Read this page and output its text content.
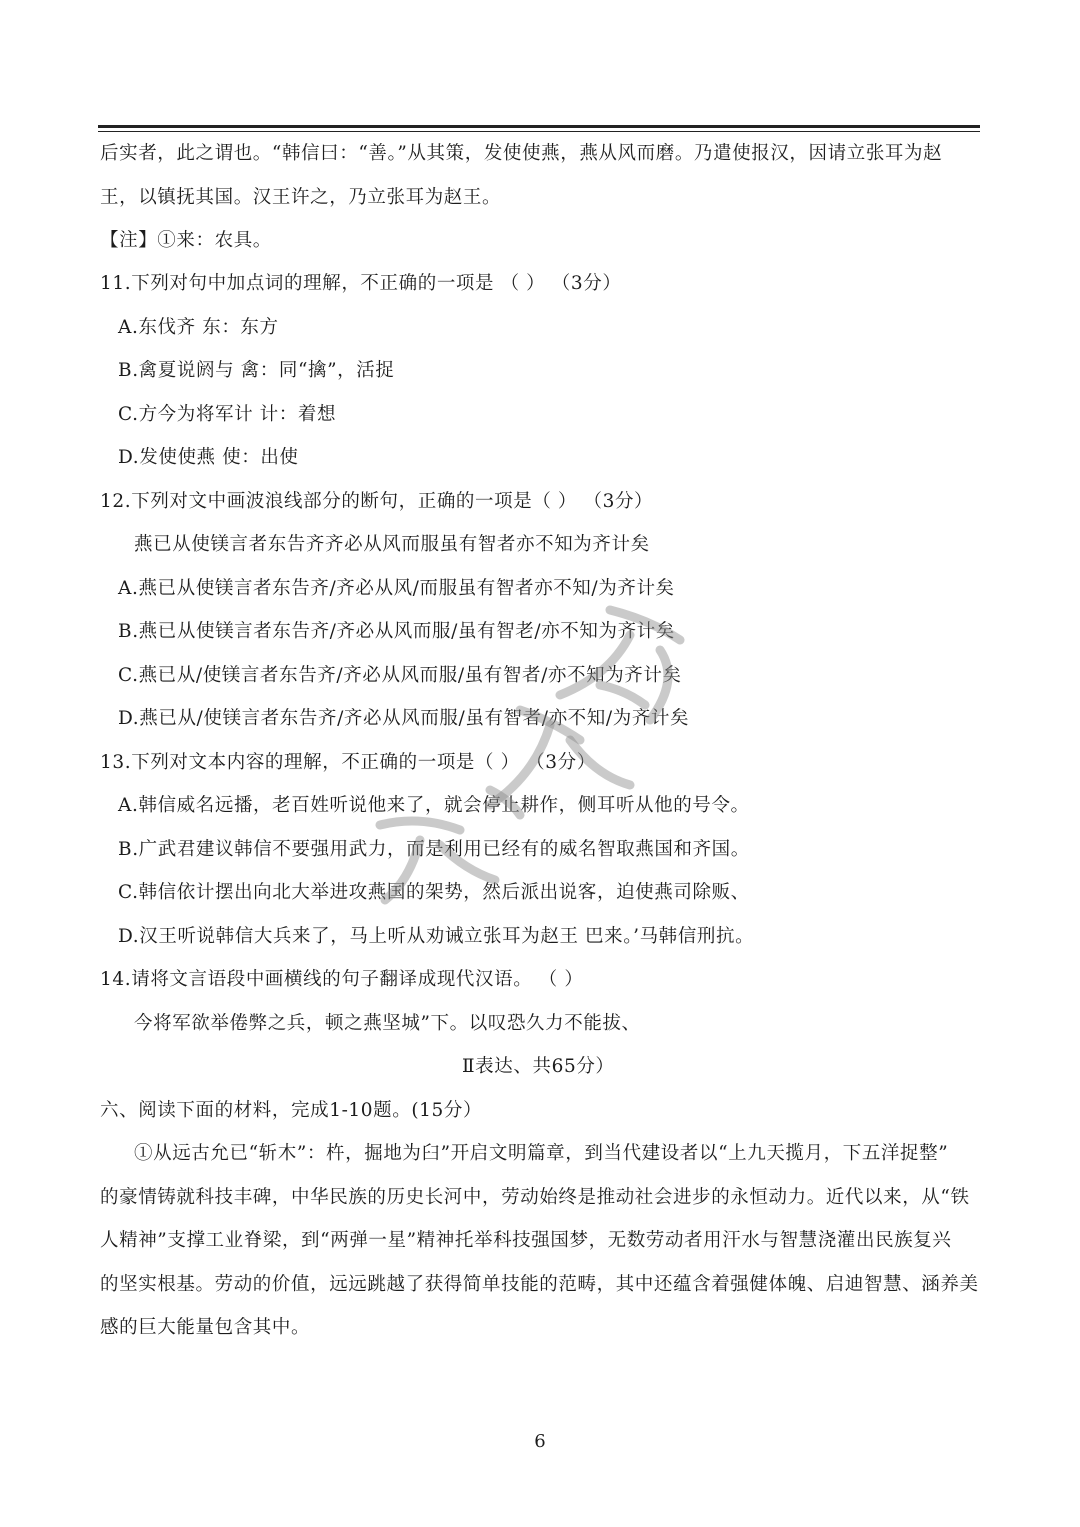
后实者，此之谓也。“韩信曰：“善。”从其策，发使使燕，燕从风而磨。乃遣使报汉，因请立张耳为赵
王，以镇抚其国。汉王许之，乃立张耳为赵王。
【注】①来：农具。
11.下列对句中加点词的理解，不正确的一项是 （ ） （3分）
A.东伐齐 东：东方
B.禽夏说阏与 禽：同“擒”，活捉
C.方今为将军计 计：着想
D.发使使燕 使：出使
12.下列对文中画波浪线部分的断句，正确的一项是（ ） （3分）
燕已从使镁言者东告齐齐必从风而服虽有智者亦不知为齐计矣
A.燕已从使镁言者东告齐/齐必从风/而服虽有智者亦不知/为齐计矣
B.燕已从使镁言者东告齐/齐必从风而服/虽有智老/亦不知为齐计矣
C.燕已从/使镁言者东告齐/齐必从风而服/虽有智者/亦不知为齐计矣
D.燕已从/使镁言者东告齐/齐必从风而服/虽有智者/亦不知/为齐计矣
13.下列对文本内容的理解，不正确的一项是（ ） （3分）
A.韩信威名远播，老百姓听说他来了，就会停止耕作，侧耳听从他的号令。
B.广武君建议韩信不要强用武力，而是利用已经有的威名智取燕国和齐国。
C.韩信依计摆出向北大举进攻燕国的架势，然后派出说客，迫使燕司除贩、
D.汉王听说韩信大兵来了，马上听从劝诫立张耳为赵王 巴来。’马韩信刑抗。
14.请将文言语段中画横线的句子翻译成现代汉语。 （ ）
今将军欲举倦弊之兵，顿之燕坚城”下。以叹恐久力不能拔、
Ⅱ表达、共65分）
六、阅读下面的材料，完成1-10题。(15分）
①从远古允已“斩木”：杵，掘地为臼”开启文明篇章，到当代建设者以“上九天揽月，下五洋捉整”
的豪情铸就科技丰碑，中华民族的历史长河中，劳动始终是推动社会进步的永恒动力。近代以来，从“铁
人精神”支撑工业脊梁，到“两弹一星”精神托举科技强国梦，无数劳动者用汗水与智慧浇灌出民族复兴
的坚实根基。劳动的价值，远远跳越了获得简单技能的范畴，其中还蕴含着强健体魄、启迪智慧、涵养美
感的巨大能量包含其中。
6
